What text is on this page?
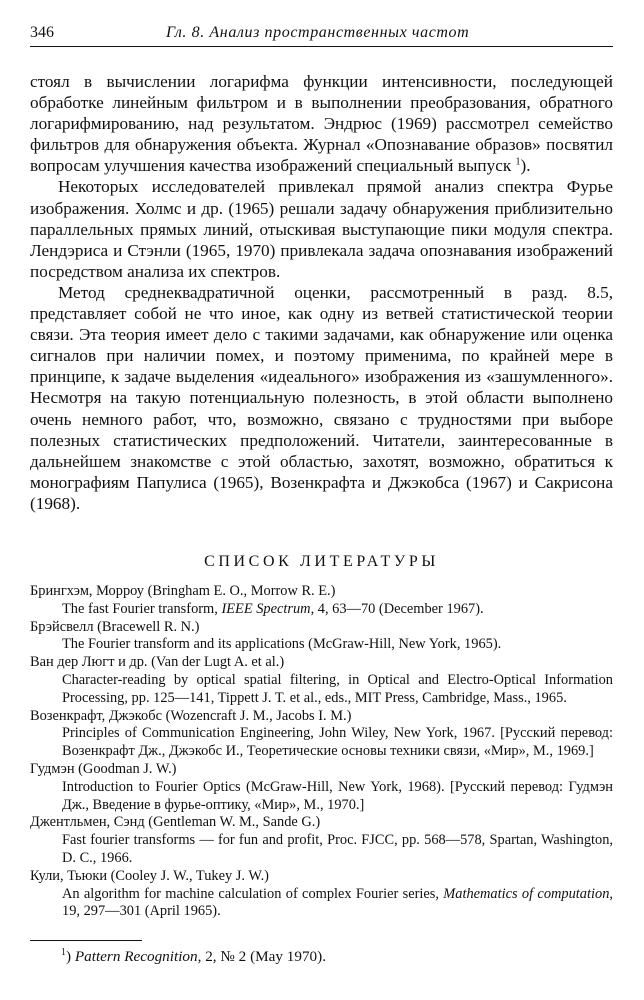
346	Гл. 8. Анализ пространственных частот

стоял в вычислении логарифма функции интенсивности, последующей обработке линейным фильтром и в выполнении преобразования, обратного логарифмированию, над результатом. Эндрюс (1969) рассмотрел семейство фильтров для обнаружения объекта. Журнал «Опознавание образов» посвятил вопросам улучшения качества изображений специальный выпуск $^1$).

Некоторых исследователей привлекал прямой анализ спектра Фурье изображения. Холмс и др. (1965) решали задачу обнаружения приблизительно параллельных прямых линий, отыскивая выступающие пики модуля спектра. Лендэриса и Стэнли (1965, 1970) привлекала задача опознавания изображений посредством анализа их спектров.

Метод среднеквадратичной оценки, рассмотренный в разд. 8.5, представляет собой не что иное, как одну из ветвей статистической теории связи. Эта теория имеет дело с такими задачами, как обнаружение или оценка сигналов при наличии помех, и поэтому применима, по крайней мере в принципе, к задаче выделения «идеального» изображения из «зашумленного». Несмотря на такую потенциальную полезность, в этой области выполнено очень немного работ, что, возможно, связано с трудностями при выборе полезных статистических предположений. Читатели, заинтересованные в дальнейшем знакомстве с этой областью, захотят, возможно, обратиться к монографиям Папулиса (1965), Возенкрафта и Джэкобса (1967) и Сакрисона (1968).

СПИСОК ЛИТЕРАТУРЫ
Брингхэм, Морроу (Bringham E. O., Morrow R. E.)
The fast Fourier transform, IEEE Spectrum, 4, 63—70 (December 1967).
Брэйсвелл (Bracewell R. N.)
The Fourier transform and its applications (McGraw-Hill, New York, 1965).
Ван дер Люгт и др. (Van der Lugt A. et al.)
Character-reading by optical spatial filtering, in Optical and Electro-Optical Information Processing, pp. 125—141, Tippett J. T. et al., eds., MIT Press, Cambridge, Mass., 1965.
Возенкрафт, Джэкобс (Wozencraft J. M., Jacobs I. M.)
Principles of Communication Engineering, John Wiley, New York, 1967. [Русский перевод: Возенкрафт Дж., Джэкобс И., Теоретические основы техники связи, «Мир», М., 1969.]
Гудмэн (Goodman J. W.)
Introduction to Fourier Optics (McGraw-Hill, New York, 1968). [Русский перевод: Гудмэн Дж., Введение в фурье-оптику, «Мир», М., 1970.]
Джентльмен, Сэнд (Gentleman W. M., Sande G.)
Fast fourier transforms — for fun and profit, Proc. FJCC, pp. 568—578, Spartan, Washington, D. C., 1966.
Кули, Тьюки (Cooley J. W., Tukey J. W.)
An algorithm for machine calculation of complex Fourier series, Mathematics of computation, 19, 297—301 (April 1965).
$^1$) Pattern Recognition, 2, № 2 (May 1970).
